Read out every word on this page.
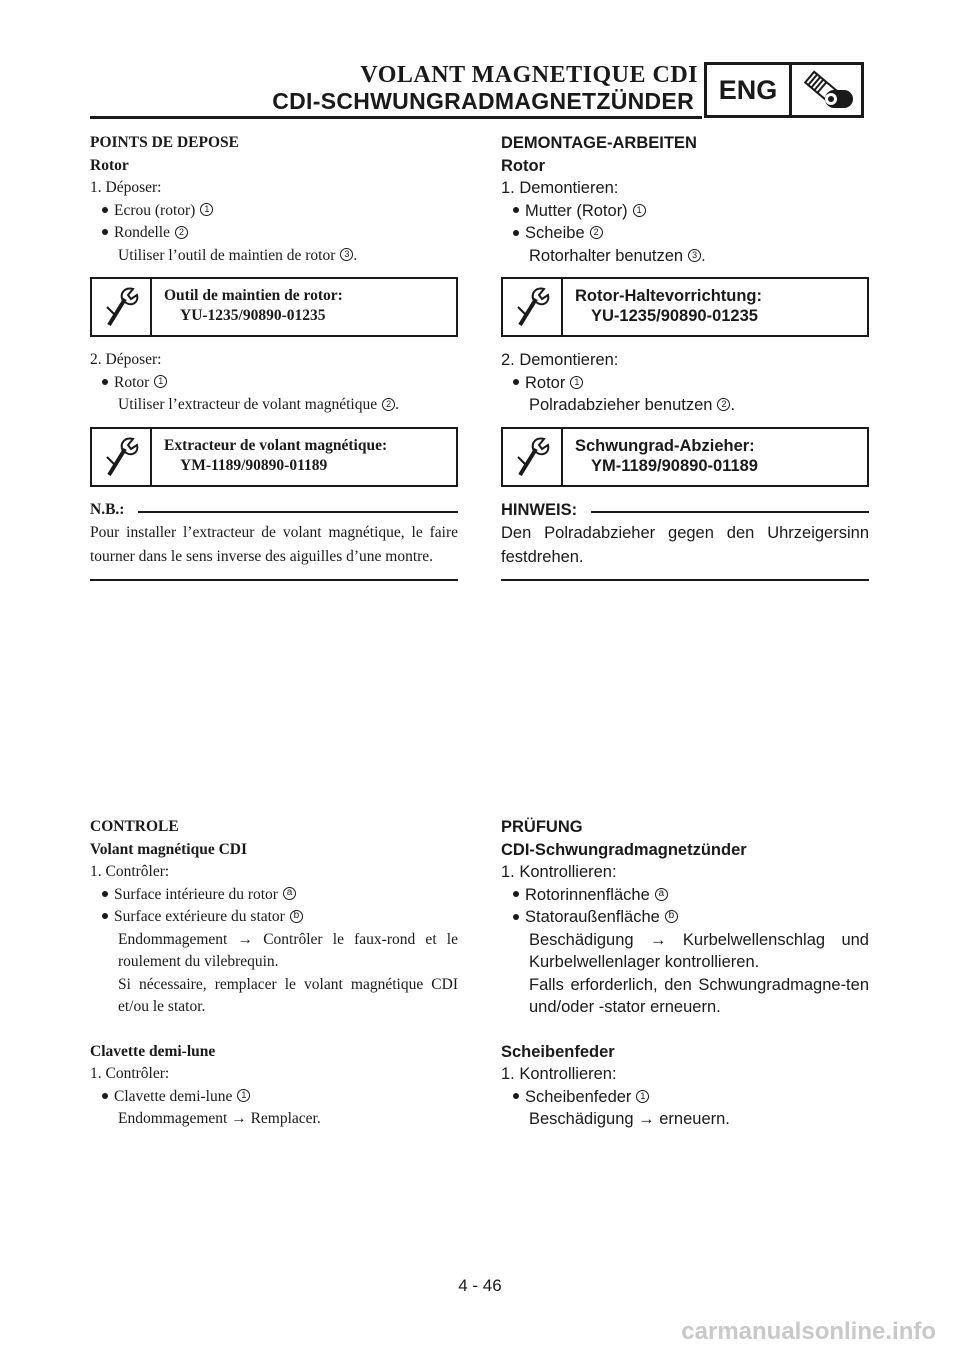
VOLANT MAGNETIQUE CDI
CDI-SCHWUNGRADMAGNETZÜNDER ENG
POINTS DE DEPOSE
Rotor
1. Déposer:
Ecrou (rotor) 1
Rondelle 2
Utiliser l’outil de maintien de rotor 3 .
Outil de maintien de rotor:
YU-1235/90890-01235
2. Déposer:
Rotor 1
Utiliser l’extracteur de volant magnétique 2 .
Extracteur de volant magnétique:
YM-1189/90890-01189
N.B.:
Pour installer l’extracteur de volant magnétique, le faire tourner dans le sens inverse des aiguilles d’une montre.
DEMONTAGE-ARBEITEN
Rotor
1. Demontieren:
Mutter (Rotor) 1
Scheibe 2
Rotorhalter benutzen 3 .
Rotor-Haltevorrichtung:
YU-1235/90890-01235
2. Demontieren:
Rotor 1
Polradabzieher benutzen 2 .
Schwungrad-Abzieher:
YM-1189/90890-01189
HINWEIS:
Den Polradabzieher gegen den Uhrzeigersinn festdrehen.
CONTROLE
Volant magnétique CDI
1. Contrôler:
Surface intérieure du rotor a
Surface extérieure du stator b
Endommagement → Contrôler le faux-rond et le roulement du vilebrequin.
Si nécessaire, remplacer le volant magnétique CDI et/ou le stator.
Clavette demi-lune
1. Contrôler:
Clavette demi-lune 1
Endommagement → Remplacer.
PRÜFUNG
CDI-Schwungradmagnetzünder
1. Kontrollieren:
Rotorinnenfläche a
Statoraußenfläche b
Beschädigung → Kurbelwellenschlag und Kurbelwellenlager kontrollieren.
Falls erforderlich, den Schwungradmagne-ten und/oder -stator erneuern.
Scheibenfeder
1. Kontrollieren:
Scheibenfeder 1
Beschädigung → erneuern.
4 - 46
carmanualsonline.info
